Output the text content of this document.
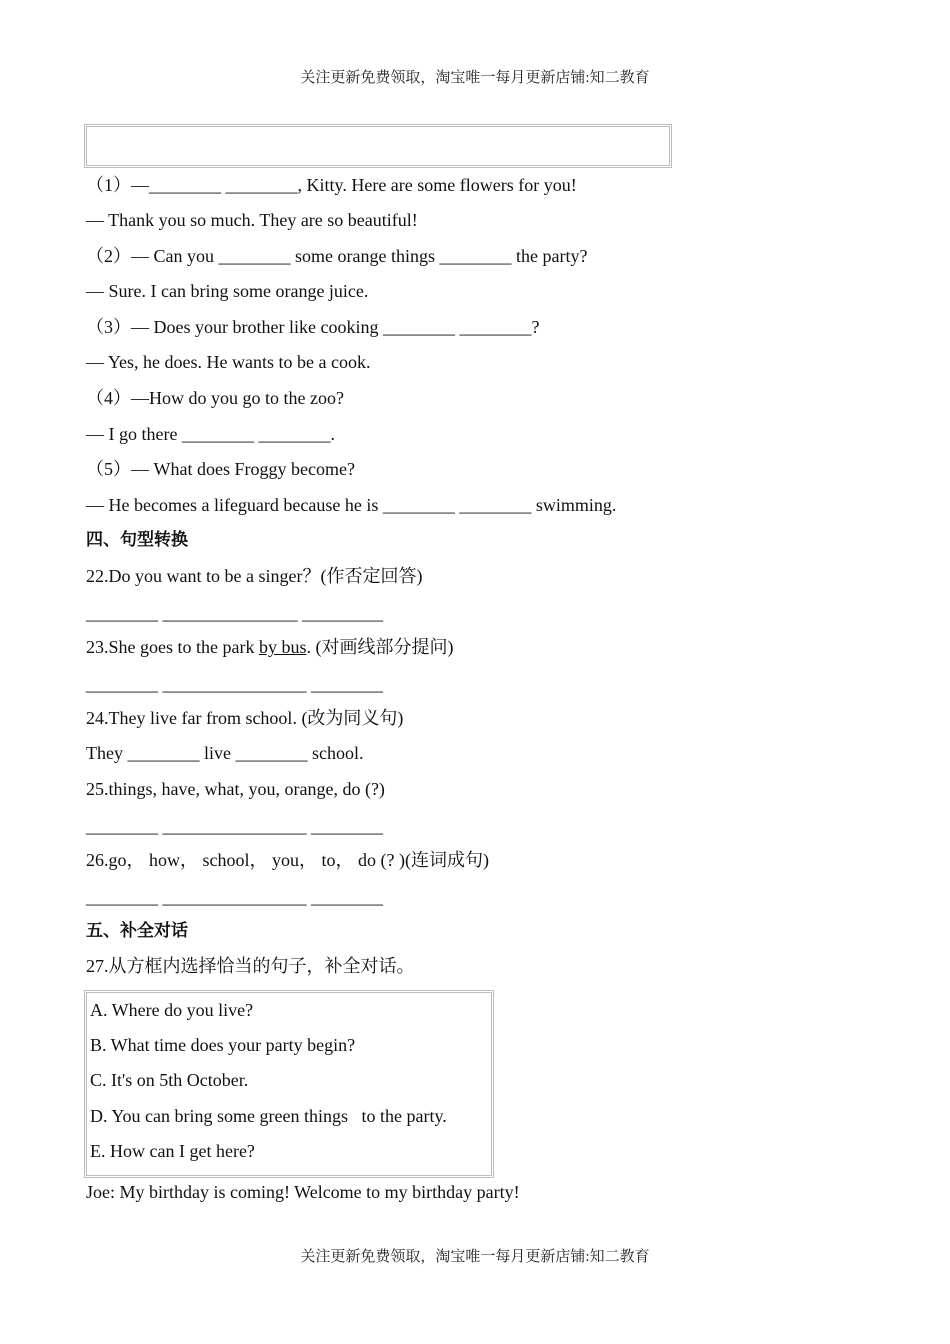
关注更新免费领取，淘宝唯一每月更新店铺:知二教育
（1）—________ ________, Kitty. Here are some flowers for you!
— Thank you so much. They are so beautiful!
（2）— Can you ________ some orange things ________ the party?
— Sure. I can bring some orange juice.
（3）— Does your brother like cooking ________ ________?
— Yes, he does. He wants to be a cook.
（4）—How do you go to the zoo?
— I go there ________ ________.
（5）— What does Froggy become?
— He becomes a lifeguard because he is ________ ________ swimming.
四、句型转换
22.Do you want to be a singer？(作否定回答)
________ _______________ _________
23.She goes to the park by bus. (对画线部分提问)
________ ________________ ________
24.They live far from school. (改为同义句)
They ________ live ________ school.
25.things, have, what, you, orange, do (?)
________ ________________ ________
26.go， how， school， you， to， do (? )(连词成句)
________ ________________ ________
五、补全对话
27.从方框内选择恰当的句子，补全对话。
A. Where do you live?
B. What time does your party begin?
C. It's on 5th October.
D. You can bring some green things   to the party.
E. How can I get here?
Joe: My birthday is coming! Welcome to my birthday party!
关注更新免费领取，淘宝唯一每月更新店铺:知二教育
